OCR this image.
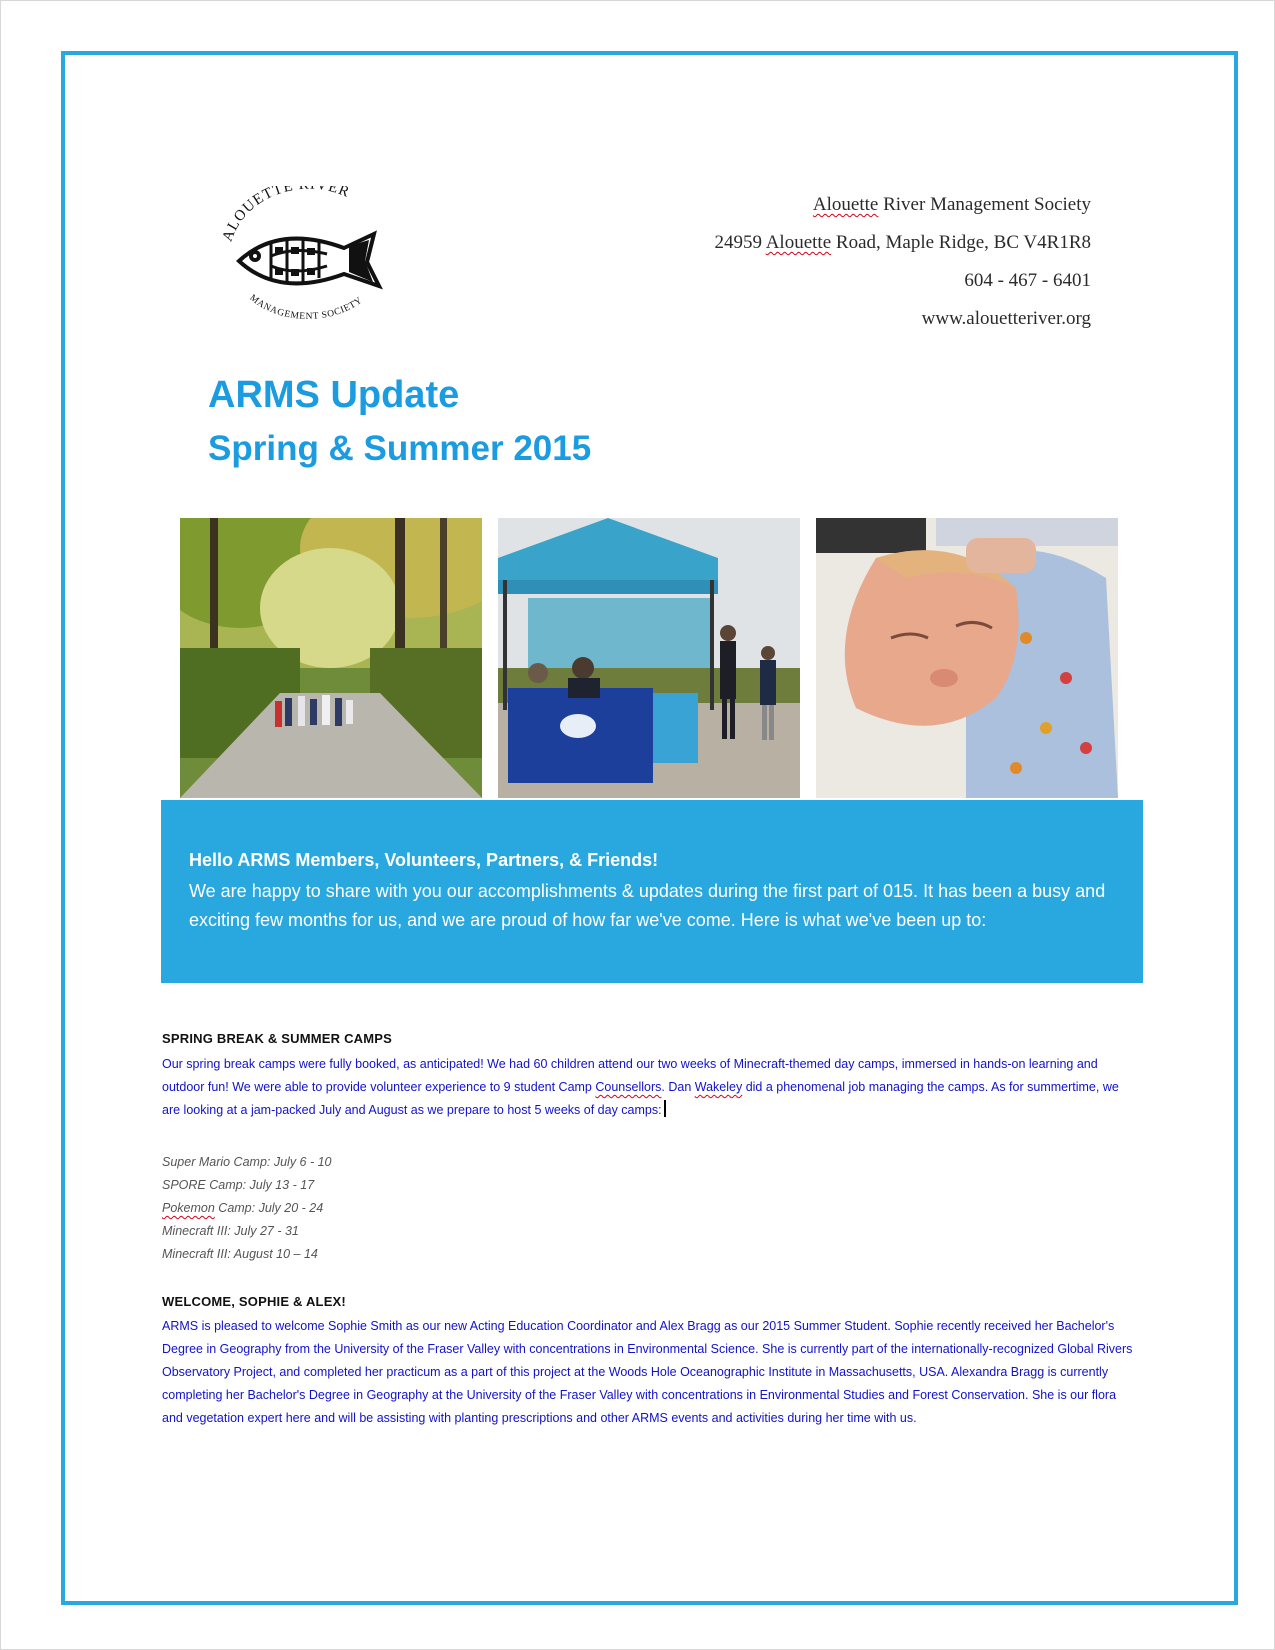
ALOUETTE ER
MANAGEMENT SOCIETY
Alouette River Management Society
24959 Alouette Road, Maple Ridge, BC V4R1R8
604 - 467 - 6401
www.alouetteriver.org
ARMS Update
Spring & Summer 2015

Hello ARMS Members, Volunteers, Partners, & Friends!

We are happy to share with you our accomplishments & updates during the first part of 015. It has been a busy and exciting few months for us, and we are proud of how far we've come. Here is what we've been up to:

SPRING BREAK & SUMMER CAMPS

Our spring break camps were fully booked, as anticipated! We had 60 children attend our two weeks of Minecraft-themed day camps, immersed in hands-on learning and outdoor fun! We were able to provide volunteer experience to 9 student Camp Counsellors. Dan Wakeley did a phenomenal job managing the camps. As for summertime, we are looking at a jam-packed July and August as we prepare to host 5 weeks of day camps:

Super Mario Camp: July 6 - 10
SPORE Camp: July 13 - 17
Pokemon Camp: July 20 - 24
Minecraft III: July 27 - 31
Minecraft III: August 10 – 14
WELCOME, SOPHIE & ALEX!

ARMS is pleased to welcome Sophie Smith as our new Acting Education Coordinator and Alex Bragg as our 2015 Summer Student. Sophie recently received her Bachelor's Degree in Geography from the University of the Fraser Valley with concentrations in Environmental Science. She is currently part of the internationally-recognized Global Rivers Observatory Project, and completed her practicum as a part of this project at the Woods Hole Oceanographic Institute in Massachusetts, USA. Alexandra Bragg is currently completing her Bachelor's Degree in Geography at the University of the Fraser Valley with concentrations in Environmental Studies and Forest Conservation. She is our flora and vegetation expert here and will be assisting with planting prescriptions and other ARMS events and activities during her time with us.
